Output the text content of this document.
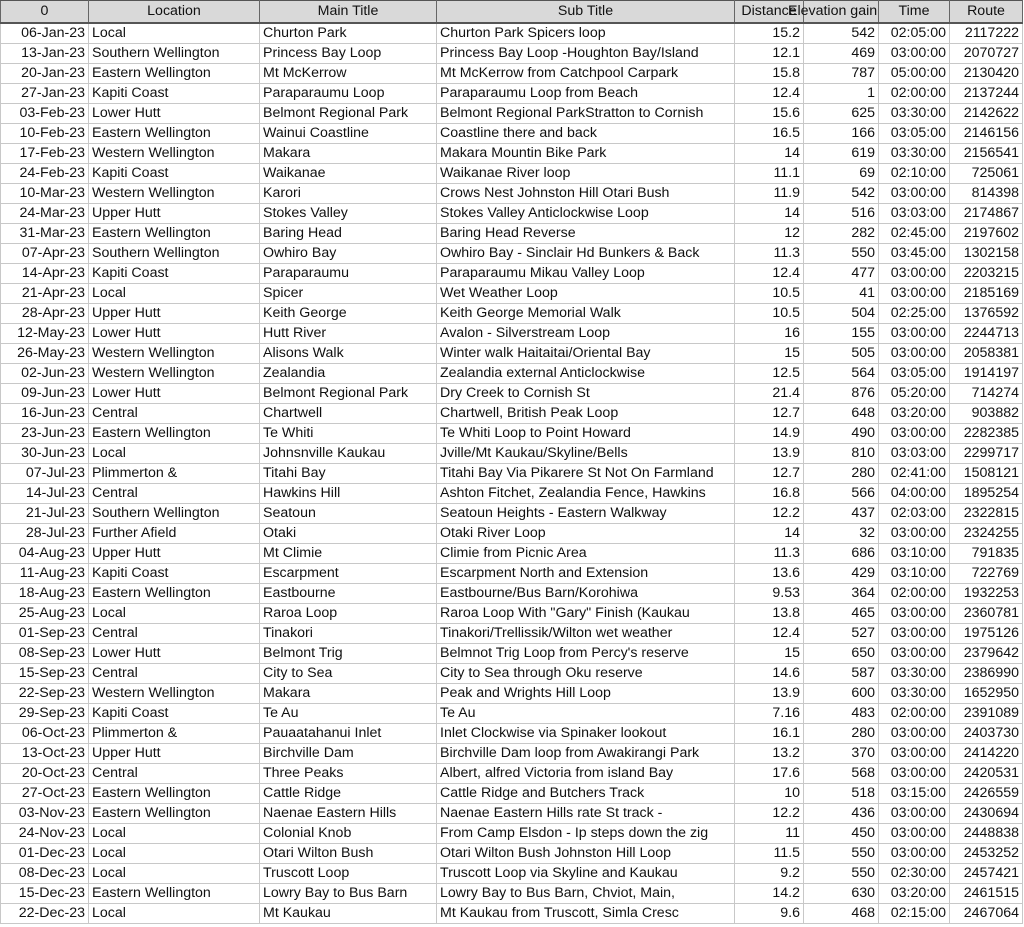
0	Location	Main Title	Sub Title	Distance	Elevation gain	Time	Route
06-Jan-23	Local	Churton Park	Churton Park Spicers loop	15.2	542	02:05:00	2117222
13-Jan-23	Southern Wellington	Princess Bay Loop	Princess Bay Loop -Houghton Bay/Island	12.1	469	03:00:00	2070727
20-Jan-23	Eastern Wellington	Mt McKerrow	Mt McKerrow from Catchpool Carpark	15.8	787	05:00:00	2130420
27-Jan-23	Kapiti Coast	Paraparaumu Loop	Paraparaumu Loop from Beach	12.4	1	02:00:00	2137244
03-Feb-23	Lower Hutt	Belmont Regional Park	Belmont Regional ParkStratton to Cornish	15.6	625	03:30:00	2142622
10-Feb-23	Eastern Wellington	Wainui Coastline	Coastline there and back	16.5	166	03:05:00	2146156
17-Feb-23	Western Wellington	Makara	Makara Mountin Bike Park	14	619	03:30:00	2156541
24-Feb-23	Kapiti Coast	Waikanae	Waikanae River loop	11.1	69	02:10:00	725061
10-Mar-23	Western Wellington	Karori	Crows Nest Johnston Hill Otari Bush	11.9	542	03:00:00	814398
24-Mar-23	Upper Hutt	Stokes Valley	Stokes Valley Anticlockwise Loop	14	516	03:03:00	2174867
31-Mar-23	Eastern Wellington	Baring Head	Baring Head Reverse	12	282	02:45:00	2197602
07-Apr-23	Southern Wellington	Owhiro Bay	Owhiro Bay - Sinclair Hd Bunkers & Back	11.3	550	03:45:00	1302158
14-Apr-23	Kapiti Coast	Paraparaumu	Paraparaumu Mikau Valley Loop	12.4	477	03:00:00	2203215
21-Apr-23	Local	Spicer	Wet Weather Loop	10.5	41	03:00:00	2185169
28-Apr-23	Upper Hutt	Keith George	Keith George Memorial Walk	10.5	504	02:25:00	1376592
12-May-23	Lower Hutt	Hutt River	Avalon - Silverstream Loop	16	155	03:00:00	2244713
26-May-23	Western Wellington	Alisons Walk	Winter walk Haitaitai/Oriental Bay	15	505	03:00:00	2058381
02-Jun-23	Western Wellington	Zealandia	Zealandia external Anticlockwise	12.5	564	03:05:00	1914197
09-Jun-23	Lower Hutt	Belmont Regional Park	Dry Creek to Cornish St	21.4	876	05:20:00	714274
16-Jun-23	Central	Chartwell	Chartwell, British Peak Loop	12.7	648	03:20:00	903882
23-Jun-23	Eastern Wellington	Te Whiti	Te Whiti Loop to Point Howard	14.9	490	03:00:00	2282385
30-Jun-23	Local	Johnsnville Kaukau	Jville/Mt Kaukau/Skyline/Bells	13.9	810	03:03:00	2299717
07-Jul-23	Plimmerton &	Titahi Bay	Titahi Bay Via Pikarere St Not On Farmland	12.7	280	02:41:00	1508121
14-Jul-23	Central	Hawkins Hill	Ashton Fitchet, Zealandia Fence, Hawkins	16.8	566	04:00:00	1895254
21-Jul-23	Southern Wellington	Seatoun	Seatoun Heights - Eastern Walkway	12.2	437	02:03:00	2322815
28-Jul-23	Further Afield	Otaki	Otaki River Loop	14	32	03:00:00	2324255
04-Aug-23	Upper Hutt	Mt Climie	Climie from Picnic Area	11.3	686	03:10:00	791835
11-Aug-23	Kapiti Coast	Escarpment	Escarpment North and Extension	13.6	429	03:10:00	722769
18-Aug-23	Eastern Wellington	Eastbourne	Eastbourne/Bus Barn/Korohiwa	9.53	364	02:00:00	1932253
25-Aug-23	Local	Raroa Loop	Raroa Loop With "Gary" Finish (Kaukau	13.8	465	03:00:00	2360781
01-Sep-23	Central	Tinakori	Tinakori/Trellissik/Wilton wet weather	12.4	527	03:00:00	1975126
08-Sep-23	Lower Hutt	Belmont Trig	Belmnot Trig Loop from Percy's reserve	15	650	03:00:00	2379642
15-Sep-23	Central	City to Sea	City to Sea through Oku reserve	14.6	587	03:30:00	2386990
22-Sep-23	Western Wellington	Makara	Peak and Wrights Hill Loop	13.9	600	03:30:00	1652950
29-Sep-23	Kapiti Coast	Te Au	Te Au	7.16	483	02:00:00	2391089
06-Oct-23	Plimmerton &	Pauaatahanui Inlet	Inlet Clockwise via Spinaker lookout	16.1	280	03:00:00	2403730
13-Oct-23	Upper Hutt	Birchville Dam	Birchville Dam loop from Awakirangi Park	13.2	370	03:00:00	2414220
20-Oct-23	Central	Three Peaks	Albert, alfred Victoria from island Bay	17.6	568	03:00:00	2420531
27-Oct-23	Eastern Wellington	Cattle Ridge	Cattle Ridge and Butchers Track	10	518	03:15:00	2426559
03-Nov-23	Eastern Wellington	Naenae Eastern Hills	Naenae Eastern Hills rate St track -	12.2	436	03:00:00	2430694
24-Nov-23	Local	Colonial Knob	From Camp Elsdon - Ip steps down the zig	11	450	03:00:00	2448838
01-Dec-23	Local	Otari Wilton Bush	Otari Wilton Bush Johnston Hill Loop	11.5	550	03:00:00	2453252
08-Dec-23	Local	Truscott Loop	Truscott Loop via Skyline and Kaukau	9.2	550	02:30:00	2457421
15-Dec-23	Eastern Wellington	Lowry Bay to Bus Barn	Lowry Bay to Bus Barn, Chviot, Main,	14.2	630	03:20:00	2461515
22-Dec-23	Local	Mt Kaukau	Mt Kaukau from Truscott, Simla Cresc	9.6	468	02:15:00	2467064
